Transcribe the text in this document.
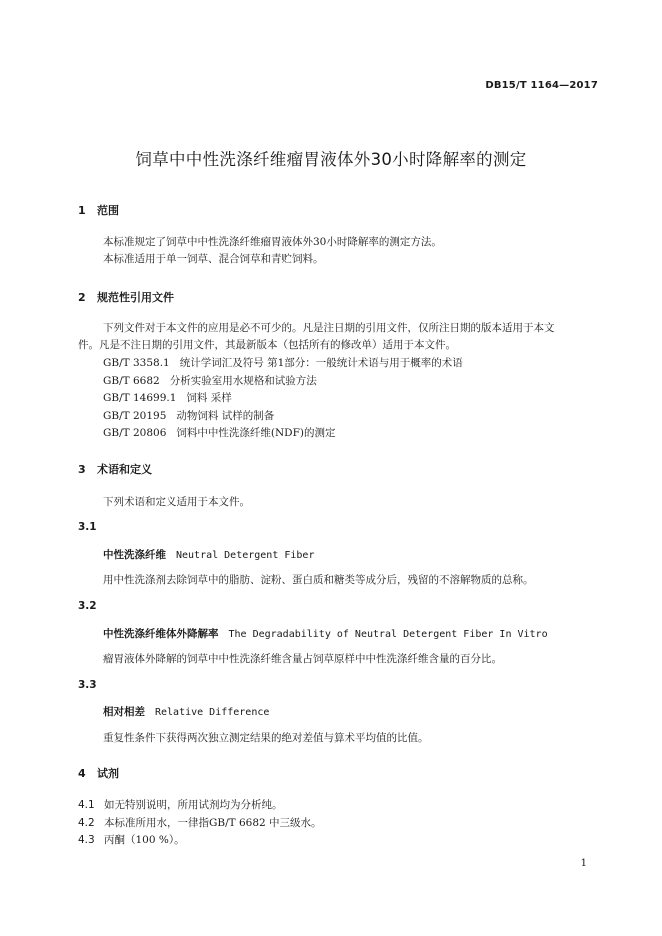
DB15/T 1164—2017
饲草中中性洗涤纤维瘤胃液体外30小时降解率的测定
1 范围
本标准规定了饲草中中性洗涤纤维瘤胃液体外30小时降解率的测定方法。
本标准适用于单一饲草、混合饲草和青贮饲料。
2 规范性引用文件
下列文件对于本文件的应用是必不可少的。凡是注日期的引用文件，仅所注日期的版本适用于本文
件。凡是不注日期的引用文件，其最新版本（包括所有的修改单）适用于本文件。
GB/T 3358.1 统计学词汇及符号 第1部分：一般统计术语与用于概率的术语
GB/T 6682 分析实验室用水规格和试验方法
GB/T 14699.1 饲料 采样
GB/T 20195 动物饲料 试样的制备
GB/T 20806 饲料中中性洗涤纤维(NDF)的测定
3 术语和定义
下列术语和定义适用于本文件。
3.1
中性洗涤纤维 Neutral Detergent Fiber
用中性洗涤剂去除饲草中的脂肪、淀粉、蛋白质和糖类等成分后，残留的不溶解物质的总称。
3.2
中性洗涤纤维体外降解率 The Degradability of Neutral Detergent Fiber In Vitro
瘤胃液体外降解的饲草中中性洗涤纤维含量占饲草原样中中性洗涤纤维含量的百分比。
3.3
相对相差 Relative Difference
重复性条件下获得两次独立测定结果的绝对差值与算术平均值的比值。
4 试剂
4.1 如无特别说明，所用试剂均为分析纯。
4.2 本标准所用水，一律指GB/T 6682 中三级水。
4.3 丙酮（100 %）。
1
